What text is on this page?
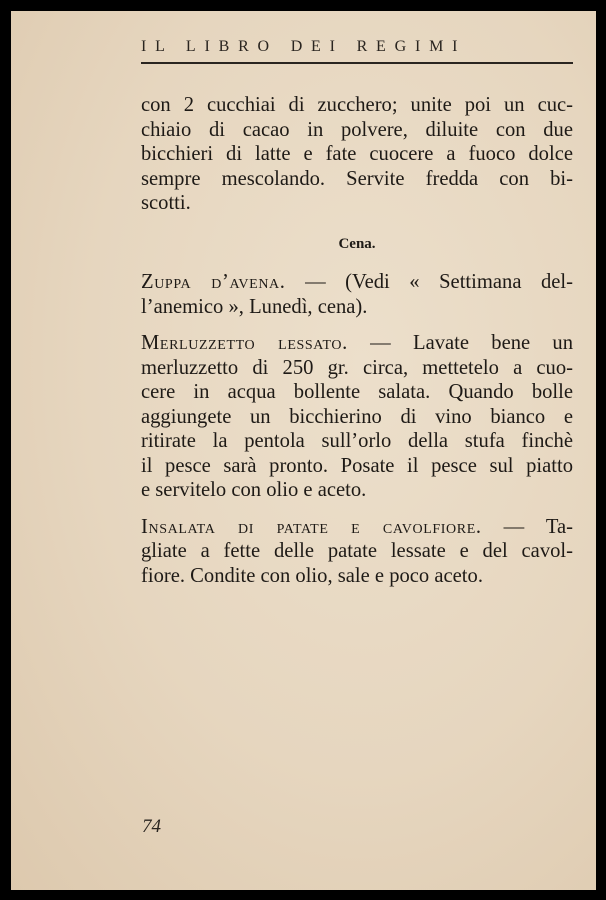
IL LIBRO DEI REGIMI

con 2 cucchiai di zucchero; unite poi un cuc-
chiaio di cacao in polvere, diluite con due
bicchieri di latte e fate cuocere a fuoco dolce
sempre mescolando. Servite fredda con bi-
scotti.

Cena.

Zuppa d’avena. — (Vedi « Settimana del-
l’anemico », Lunedì, cena).

Merluzzetto lessato. — Lavate bene un
merluzzetto di 250 gr. circa, mettetelo a cuo-
cere in acqua bollente salata. Quando bolle
aggiungete un bicchierino di vino bianco e
ritirate la pentola sull’orlo della stufa finchè
il pesce sarà pronto. Posate il pesce sul piatto
e servitelo con olio e aceto.

Insalata di patate e cavolfiore. — Ta-
gliate a fette delle patate lessate e del cavol-
fiore. Condite con olio, sale e poco aceto.

74
